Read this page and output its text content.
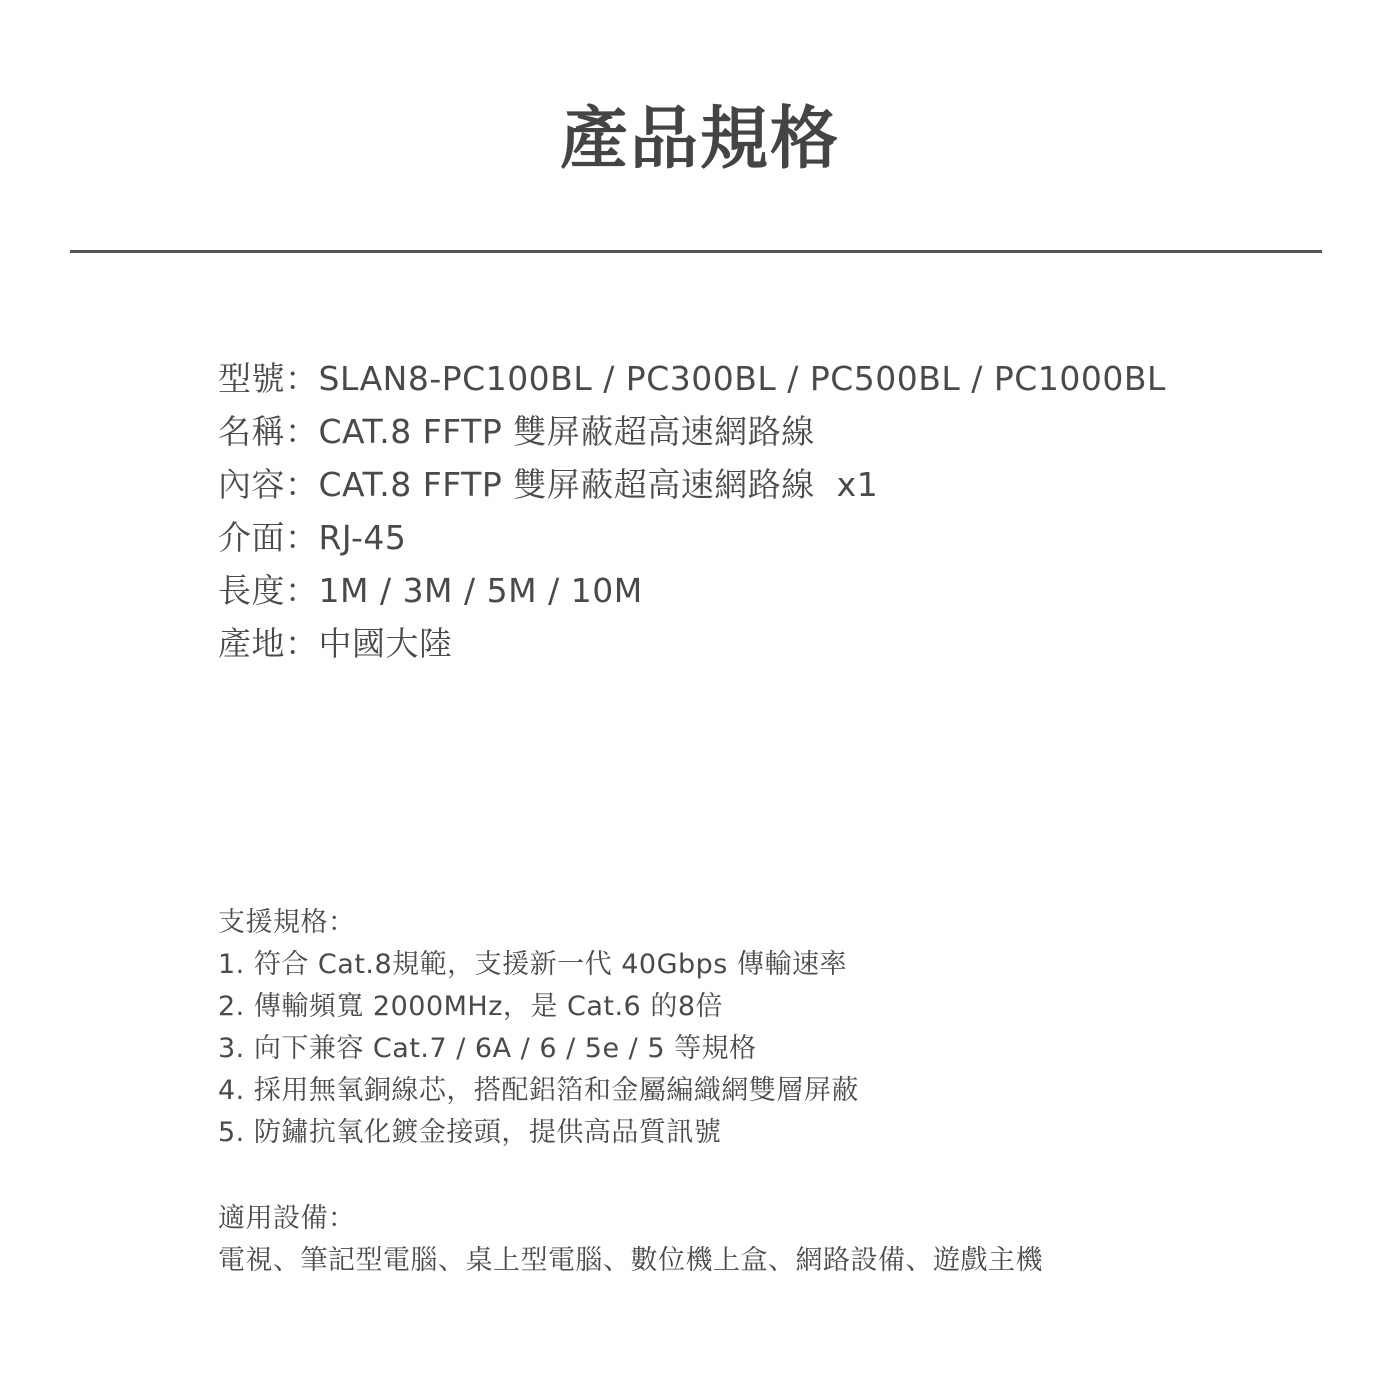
產品規格
型號：SLAN8-PC100BL / PC300BL / PC500BL / PC1000BL
名稱：CAT.8 FFTP 雙屏蔽超高速網路線
內容：CAT.8 FFTP 雙屏蔽超高速網路線  x1
介面：RJ-45
長度：1M / 3M / 5M / 10M
產地：中國大陸
支援規格：
1. 符合 Cat.8規範，支援新一代 40Gbps 傳輸速率
2. 傳輸頻寬 2000MHz，是 Cat.6 的8倍
3. 向下兼容 Cat.7 / 6A / 6 / 5e / 5 等規格
4. 採用無氧銅線芯，搭配鋁箔和金屬編織網雙層屏蔽
5. 防鏽抗氧化鍍金接頭，提供高品質訊號
適用設備：
電視、筆記型電腦、桌上型電腦、數位機上盒、網路設備、遊戲主機
